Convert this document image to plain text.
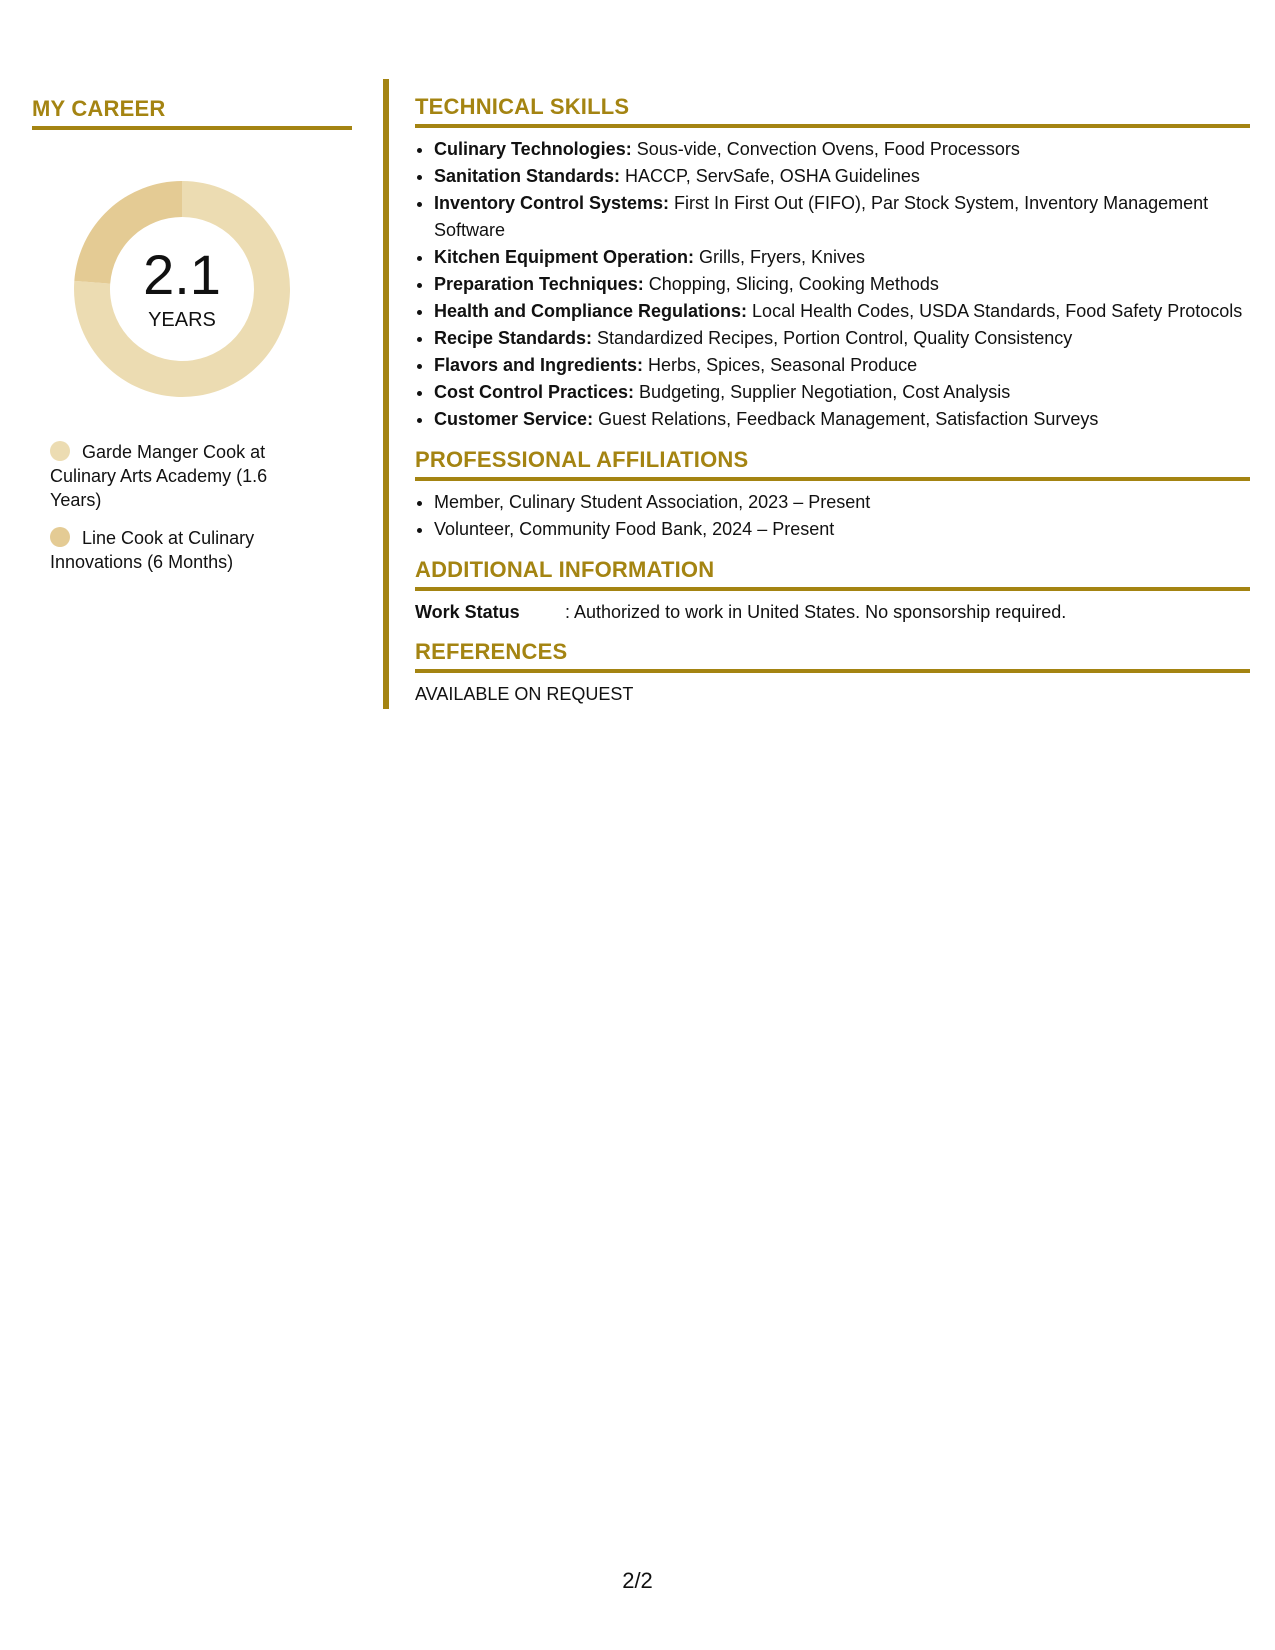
MY CAREER
2.1
YEARS
Garde Manger Cook at Culinary Arts Academy (1.6 Years)
Line Cook at Culinary Innovations (6 Months)
TECHNICAL SKILLS
• Culinary Technologies: Sous-vide, Convection Ovens, Food Processors
• Sanitation Standards: HACCP, ServSafe, OSHA Guidelines
• Inventory Control Systems: First In First Out (FIFO), Par Stock System, Inventory Management Software
• Kitchen Equipment Operation: Grills, Fryers, Knives
• Preparation Techniques: Chopping, Slicing, Cooking Methods
• Health and Compliance Regulations: Local Health Codes, USDA Standards, Food Safety Protocols
• Recipe Standards: Standardized Recipes, Portion Control, Quality Consistency
• Flavors and Ingredients: Herbs, Spices, Seasonal Produce
• Cost Control Practices: Budgeting, Supplier Negotiation, Cost Analysis
• Customer Service: Guest Relations, Feedback Management, Satisfaction Surveys
PROFESSIONAL AFFILIATIONS
• Member, Culinary Student Association, 2023 – Present
• Volunteer, Community Food Bank, 2024 – Present
ADDITIONAL INFORMATION
Work Status	: Authorized to work in United States. No sponsorship required.
REFERENCES
AVAILABLE ON REQUEST
2/2
